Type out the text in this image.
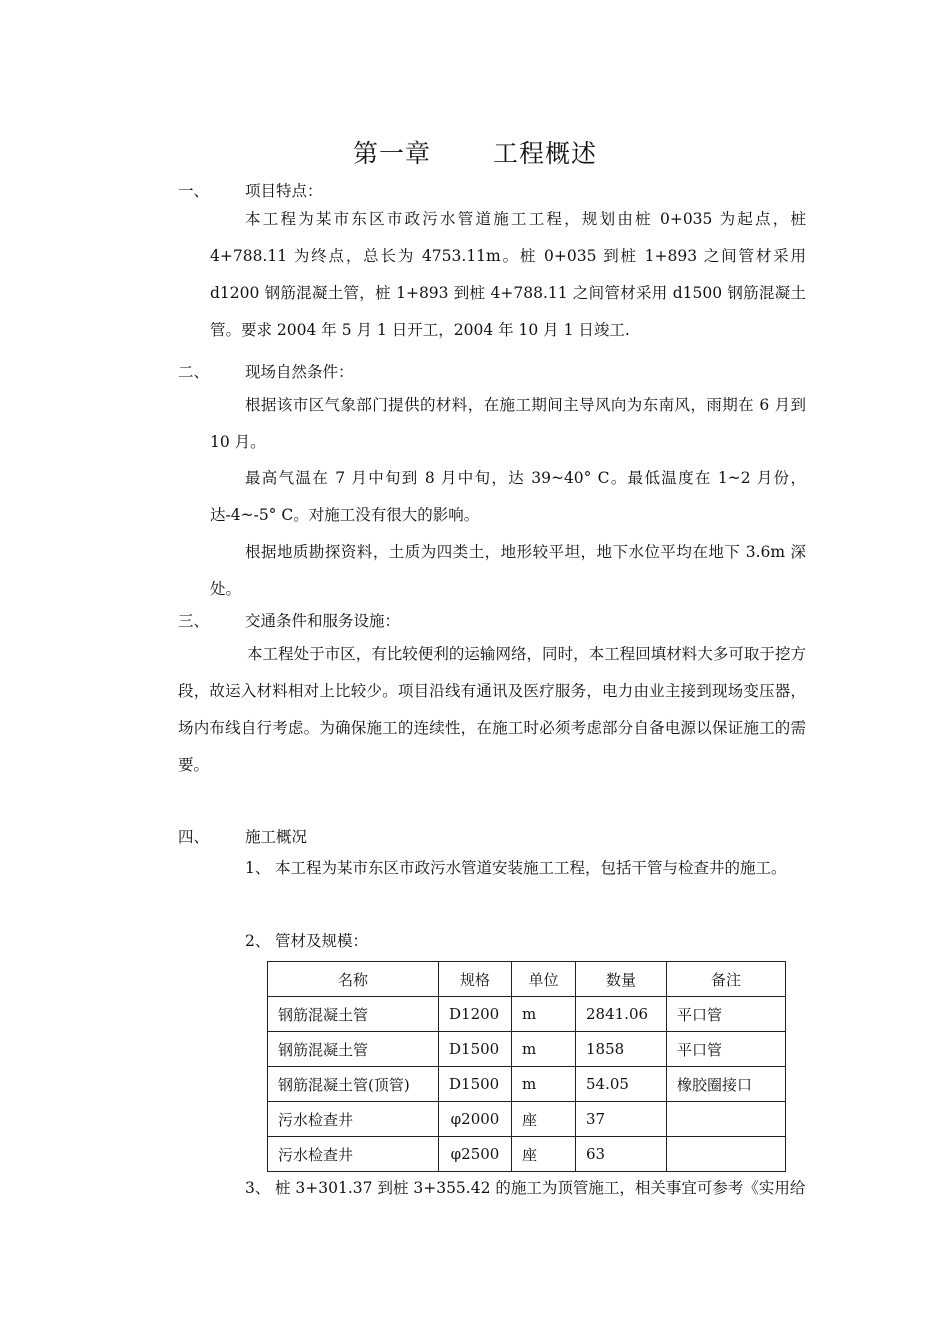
第一章 工程概述
一、 项目特点：
本工程为某市东区市政污水管道施工工程，规划由桩 0+035 为起点，桩 4+788.11 为终点，总长为 4753.11m。桩 0+035 到桩 1+893 之间管材采用 d1200 钢筋混凝土管，桩 1+893 到桩 4+788.11 之间管材采用 d1500 钢筋混凝土管。要求 2004 年 5 月 1 日开工，2004 年 10 月 1 日竣工.
二、 现场自然条件：
根据该市区气象部门提供的材料，在施工期间主导风向为东南风，雨期在 6 月到 10 月。
最高气温在 7 月中旬到 8 月中旬，达 39~40° C。最低温度在 1~2 月份，达-4~-5° C。对施工没有很大的影响。
根据地质勘探资料，土质为四类土，地形较平坦，地下水位平均在地下 3.6m 深处。
三、 交通条件和服务设施：
本工程处于市区，有比较便利的运输网络，同时，本工程回填材料大多可取于挖方段，故运入材料相对上比较少。项目沿线有通讯及医疗服务，电力由业主接到现场变压器，场内布线自行考虑。为确保施工的连续性，在施工时必须考虑部分自备电源以保证施工的需要。
四、 施工概况
1、 本工程为某市东区市政污水管道安装施工工程，包括干管与检查井的施工。
2、 管材及规模：
名称	规格	单位	数量	备注
钢筋混凝土管	D1200	m	2841.06	平口管
钢筋混凝土管	D1500	m	1858	平口管
钢筋混凝土管(顶管)	D1500	m	54.05	橡胶圈接口
污水检查井	φ2000	座	37	
污水检查井	φ2500	座	63	
3、 桩 3+301.37 到桩 3+355.42 的施工为顶管施工，相关事宜可参考《实用给
